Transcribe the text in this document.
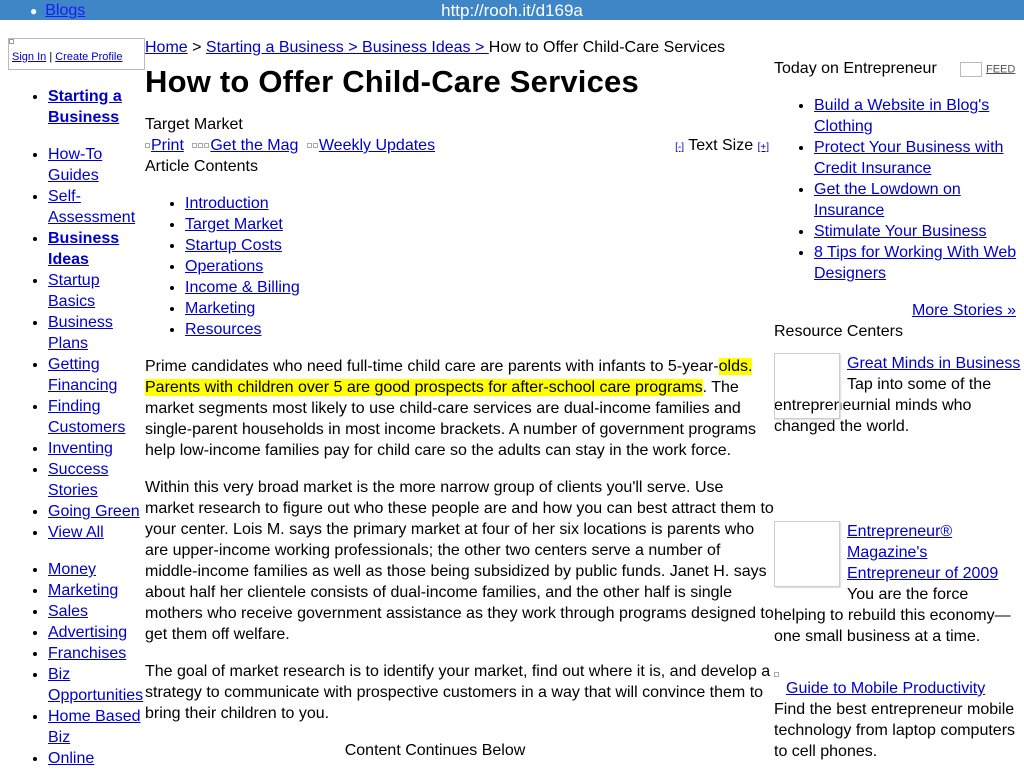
http://rooh.it/d169a
● Blogs
Sign In | Create Profile
• Starting a Business
• How-To Guides
• Self-Assessment
• Business Ideas
• Startup Basics
• Business Plans
• Getting Financing
• Finding Customers
• Inventing
• Success Stories
• Going Green
• View All
• Money
• Marketing
• Sales
• Advertising
• Franchises
• Biz Opportunities
• Home Based Biz
• Online
Home > Starting a Business > Business Ideas > How to Offer Child-Care Services
How to Offer Child-Care Services
Target Market
Print Get the Mag Weekly Updates	[-] Text Size [+]
Article Contents
• Introduction
• Target Market
• Startup Costs
• Operations
• Income & Billing
• Marketing
• Resources

Prime candidates who need full-time child care are parents with infants to 5-year-olds. Parents with children over 5 are good prospects for after-school care programs. The market segments most likely to use child-care services are dual-income families and single-parent households in most income brackets. A number of government programs help low-income families pay for child care so the adults can stay in the work force.

Within this very broad market is the more narrow group of clients you'll serve. Use market research to figure out who these people are and how you can best attract them to your center. Lois M. says the primary market at four of her six locations is parents who are upper-income working professionals; the other two centers serve a number of middle-income families as well as those being subsidized by public funds. Janet H. says about half her clientele consists of dual-income families, and the other half is single mothers who receive government assistance as they work through programs designed to get them off welfare.

The goal of market research is to identify your market, find out where it is, and develop a strategy to communicate with prospective customers in a way that will convince them to bring their children to you.

Content Continues Below
Today on Entrepreneur	FEED
• Build a Website in Blog's Clothing
• Protect Your Business with Credit Insurance
• Get the Lowdown on Insurance
• Stimulate Your Business
• 8 Tips for Working With Web Designers
More Stories »
Resource Centers
Great Minds in Business
Tap into some of the entrepreneurnial minds who changed the world.
Entrepreneur® Magazine's Entrepreneur of 2009
You are the force helping to rebuild this economy—one small business at a time.
Guide to Mobile Productivity
Find the best entrepreneur mobile technology from laptop computers to cell phones.
